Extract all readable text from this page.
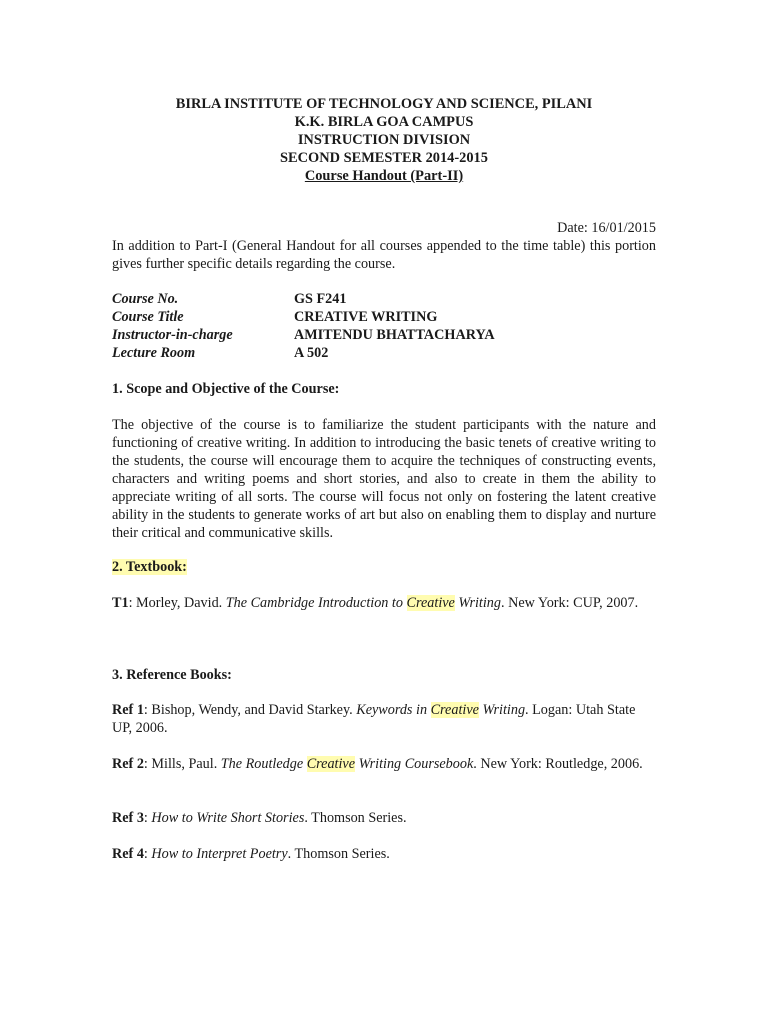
BIRLA INSTITUTE OF TECHNOLOGY AND SCIENCE, PILANI
K.K. BIRLA GOA CAMPUS
INSTRUCTION DIVISION
SECOND SEMESTER 2014-2015
Course Handout (Part-II)
Date: 16/01/2015
In addition to Part-I (General Handout for all courses appended to the time table) this portion gives further specific details regarding the course.
Course No.	GS F241
Course Title	CREATIVE WRITING
Instructor-in-charge	AMITENDU BHATTACHARYA
Lecture Room	A 502
1. Scope and Objective of the Course:
The objective of the course is to familiarize the student participants with the nature and functioning of creative writing. In addition to introducing the basic tenets of creative writing to the students, the course will encourage them to acquire the techniques of constructing events, characters and writing poems and short stories, and also to create in them the ability to appreciate writing of all sorts. The course will focus not only on fostering the latent creative ability in the students to generate works of art but also on enabling them to display and nurture their critical and communicative skills.
2. Textbook:
T1: Morley, David. The Cambridge Introduction to Creative Writing. New York: CUP, 2007.
3. Reference Books:
Ref 1: Bishop, Wendy, and David Starkey. Keywords in Creative Writing. Logan: Utah State UP, 2006.
Ref 2: Mills, Paul. The Routledge Creative Writing Coursebook. New York: Routledge, 2006.
Ref 3: How to Write Short Stories. Thomson Series.
Ref 4: How to Interpret Poetry. Thomson Series.
